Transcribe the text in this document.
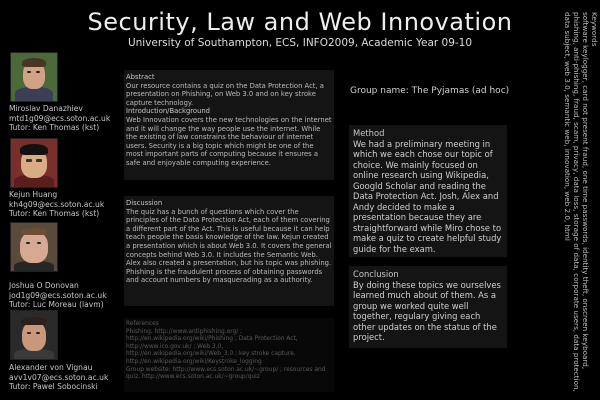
Security, Law and Web Innovation
University of Southampton, ECS, INFO2009, Academic Year 09-10	Keywords
software keylogger, card not present fraud, one time passwords, identity theft, onscreen keyboard, phishing, anti-phishing, fraud, scam, privacy, data loss, storage of data, corporate users, data protection, data subject, web 3.0, semantic web, innovation, web 2.0, html
Miroslav Danazhiev
mtd1g09@ecs.soton.ac.uk
Tutor: Ken Thomas (kst)
Kejun Huang
kh4g09@ecs.soton.ac.uk
Tutor: Ken Thomas (kst)
Joshua O Donovan
jod1g09@ecs.soton.ac.uk
Tutor: Luc Moreau (lavm)
Alexander von Vignau
avv1v07@ecs.soton.ac.uk
Tutor: Pawel Sobocinski
Abstract

Our resource contains a quiz on the Data Protection Act, a presentation on Phishing, on Web 3.0 and on key stroke capture technology.

Introduction/Background

Web Innovation covers the new technologies on the internet and it will change the way people use the internet. While the existing of law constrains the behaviour of internet users. Security is a big topic which might be one of the most important parts of computing because it ensures a safe and enjoyable computing experience.

Discussion

The quiz has a bunch of questions which cover the principles of the Data Protection Act, each of them covering a different part of the Act. This is useful because it can help teach people the basis knowledge of the law. Kejun created a presentation which is about Web 3.0. It covers the general concepts behind Web 3.0. It includes the Semantic Web. Alex also created a presentation, but his topic was phishing. Phishing is the fraudulent process of obtaining passwords and account numbers by masquerading as a authority.

References

Phishing, http://www.antiphishing.org/ ; http://en.wikipedia.org/wiki/Phishing ; Data Protection Act, http://www.ico.gov.uk/ ; Web 3.0, http://en.wikipedia.org/wiki/Web_3.0 ; key stroke capture, http://en.wikipedia.org/wiki/Keystroke_logging

Group website: http://www.ecs.soton.ac.uk/~group/ ; resources and quiz, http://www.ecs.soton.ac.uk/~group/quiz

Group name: The Pyjamas (ad hoc)
Method

We had a preliminary meeting in which we each chose our topic of choice. We mainly focused on online research using Wikipedia, Googld Scholar and reading the Data Protection Act. Josh, Alex and Andy decided to make a presentation because they are straightforward while Miro chose to make a quiz to create helpful study guide for the exam.

Conclusion

By doing these topics we ourselves learned much about of them. As a group we worked quite well together, regulary giving each other updates on the status of the project.
